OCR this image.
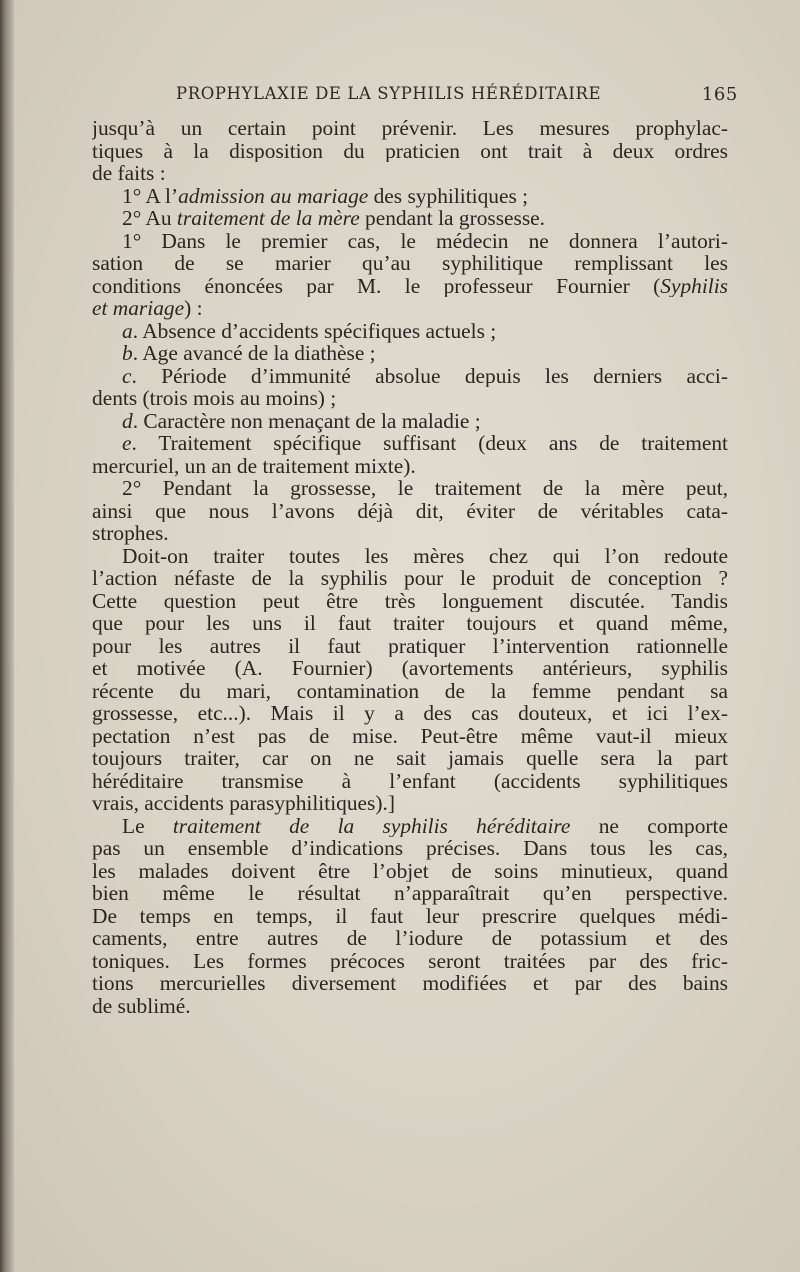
PROPHYLAXIE DE LA SYPHILIS HÉRÉDITAIRE	165
jusqu’à un certain point prévenir. Les mesures prophylac-
tiques à la disposition du praticien ont trait à deux ordres
de faits :
1° A l’admission au mariage des syphilitiques ;
2° Au traitement de la mère pendant la grossesse.
1° Dans le premier cas, le médecin ne donnera l’autori-
sation de se marier qu’au syphilitique remplissant les
conditions énoncées par M. le professeur Fournier (Syphilis
et mariage) :
a. Absence d’accidents spécifiques actuels ;
b. Age avancé de la diathèse ;
c. Période d’immunité absolue depuis les derniers acci-
dents (trois mois au moins) ;
d. Caractère non menaçant de la maladie ;
e. Traitement spécifique suffisant (deux ans de traitement
mercuriel, un an de traitement mixte).
2° Pendant la grossesse, le traitement de la mère peut,
ainsi que nous l’avons déjà dit, éviter de véritables cata-
strophes.
Doit-on traiter toutes les mères chez qui l’on redoute
l’action néfaste de la syphilis pour le produit de conception ?
Cette question peut être très longuement discutée. Tandis
que pour les uns il faut traiter toujours et quand même,
pour les autres il faut pratiquer l’intervention rationnelle
et motivée (A. Fournier) (avortements antérieurs, syphilis
récente du mari, contamination de la femme pendant sa
grossesse, etc...). Mais il y a des cas douteux, et ici l’ex-
pectation n’est pas de mise. Peut-être même vaut-il mieux
toujours traiter, car on ne sait jamais quelle sera la part
héréditaire transmise à l’enfant (accidents syphilitiques
vrais, accidents parasyphilitiques).]
Le traitement de la syphilis héréditaire ne comporte
pas un ensemble d’indications précises. Dans tous les cas,
les malades doivent être l’objet de soins minutieux, quand
bien même le résultat n’apparaîtrait qu’en perspective.
De temps en temps, il faut leur prescrire quelques médi-
caments, entre autres de l’iodure de potassium et des
toniques. Les formes précoces seront traitées par des fric-
tions mercurielles diversement modifiées et par des bains
de sublimé.
